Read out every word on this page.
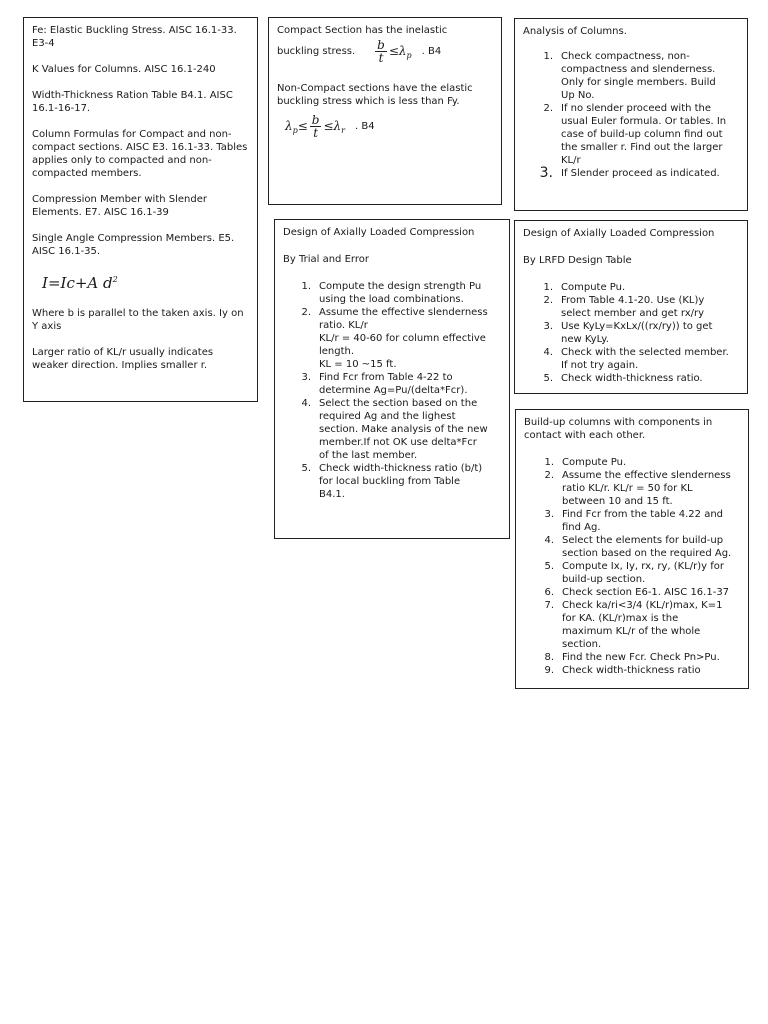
Fe: Elastic Buckling Stress. AISC 16.1-33. E3-4

K Values for Columns. AISC 16.1-240

Width-Thickness Ration Table B4.1. AISC 16.1-16-17.

Column Formulas for Compact and non-compact sections. AISC E3. 16.1-33. Tables applies only to compacted and non-compacted members.

Compression Member with Slender Elements. E7. AISC 16.1-39

Single Angle Compression Members. E5. AISC 16.1-35.

I=Ic+A $d^2$

Where b is parallel to the taken axis. Iy on Y axis

Larger ratio of KL/r usually indicates weaker direction. Implies smaller r.

Compact Section has the inelastic

buckling stress. $\frac{b}{t} \le\lambda_p$ . B4

Non-Compact sections have the elastic buckling stress which is less than Fy.

$\lambda_p\le \frac{b}{t} \le\lambda_r$ . B4

Analysis of Columns.

1. Check compactness, non-
compactness and slenderness.
Only for single members. Build
Up No.
2. If no slender proceed with the
usual Euler formula. Or tables. In
case of build-up column find out
the smaller r. Find out the larger
KL/r
3. If Slender proceed as indicated.

Design of Axially Loaded Compression

By Trial and Error

1. Compute the design strength Pu
using the load combinations.
2. Assume the effective slenderness
ratio. KL/r
KL/r = 40-60 for column effective
length.
KL = 10 ~15 ft.
3. Find Fcr from Table 4-22 to
determine Ag=Pu/(delta*Fcr).
4. Select the section based on the
required Ag and the lighest
section. Make analysis of the new
member.If not OK use delta*Fcr
of the last member.
5. Check width-thickness ratio (b/t)
for local buckling from Table
B4.1.

Design of Axially Loaded Compression

By LRFD Design Table

1. Compute Pu.
2. From Table 4.1-20. Use (KL)y
select member and get rx/ry
3. Use KyLy=KxLx/((rx/ry)) to get
new KyLy.
4. Check with the selected member.
If not try again.
5. Check width-thickness ratio.

Build-up columns with components in contact with each other.

1. Compute Pu.
2. Assume the effective slenderness
ratio KL/r. KL/r = 50 for KL
between 10 and 15 ft.
3. Find Fcr from the table 4.22 and
find Ag.
4. Select the elements for build-up
section based on the required Ag.
5. Compute Ix, Iy, rx, ry, (KL/r)y for
build-up section.
6. Check section E6-1. AISC 16.1-37
7. Check ka/ri<3/4 (KL/r)max, K=1
for KA. (KL/r)max is the
maximum KL/r of the whole
section.
8. Find the new Fcr. Check Pn>Pu.
9. Check width-thickness ratio
